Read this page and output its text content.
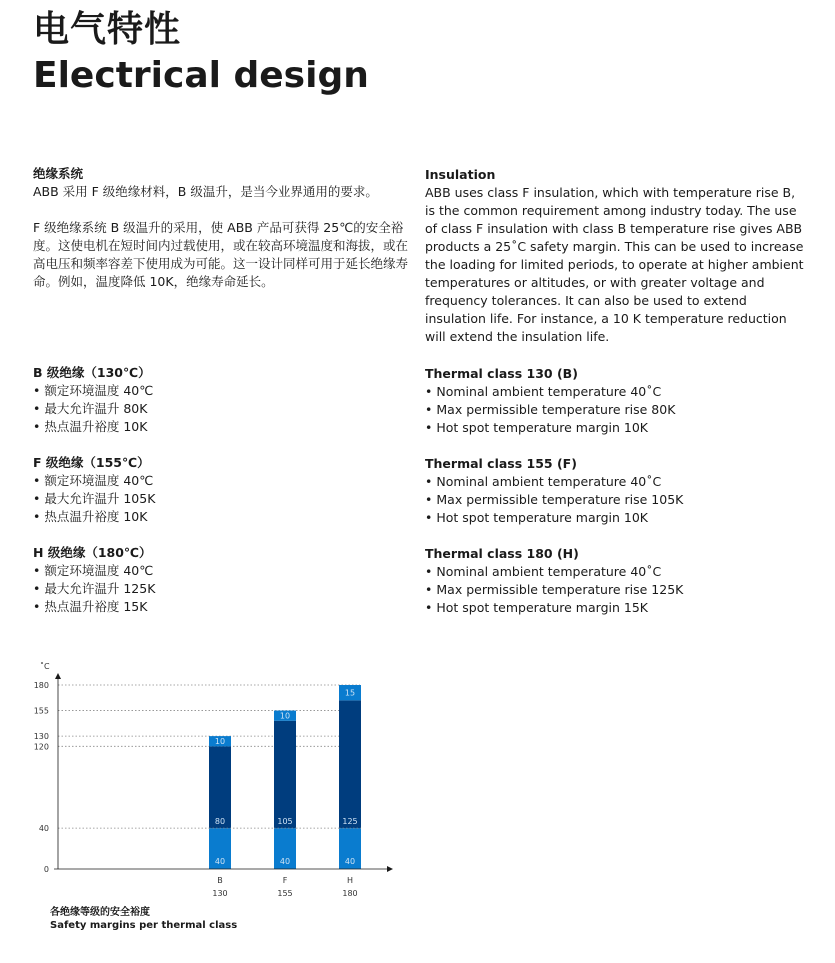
电气特性
Electrical design

绝缘系统

ABB 采用 F 级绝缘材料，B 级温升，是当今业界通用的要求。

F 级绝缘系统 B 级温升的采用，使 ABB 产品可获得 25℃的安全裕度。这使电机在短时间内过载使用，或在较高环境温度和海拔，或在高电压和频率容差下使用成为可能。这一设计同样可用于延长绝缘寿命。例如，温度降低 10K，绝缘寿命延长。

Insulation

ABB uses class F insulation, which with temperature rise B, is the common requirement among industry today. The use of class F insulation with class B temperature rise gives ABB products a 25˚C safety margin. This can be used to increase the loading for limited periods, to operate at higher ambient temperatures or altitudes, or with greater voltage and frequency tolerances. It can also be used to extend insulation life. For instance, a 10 K temperature reduction will extend the insulation life.

B 级绝缘（130℃）

• 额定环境温度 40℃
• 最大允许温升 80K
• 热点温升裕度 10K

F 级绝缘（155℃）

• 额定环境温度 40℃
• 最大允许温升 105K
• 热点温升裕度 10K

H 级绝缘（180℃）

• 额定环境温度 40℃
• 最大允许温升 125K
• 热点温升裕度 15K

Thermal class 130 (B)

• Nominal ambient temperature 40˚C
• Max permissible temperature rise 80K
• Hot spot temperature margin 10K

Thermal class 155 (F)

• Nominal ambient temperature 40˚C
• Max permissible temperature rise 105K
• Hot spot temperature margin 10K

Thermal class 180 (H)

• Nominal ambient temperature 40˚C
• Max permissible temperature rise 125K
• Hot spot temperature margin 15K
40
80
10
B
130
40
105
10
F
155
40
125
15
H
180
0
40
120
130
155
180
˚C
各绝缘等级的安全裕度
Safety margins per thermal class
